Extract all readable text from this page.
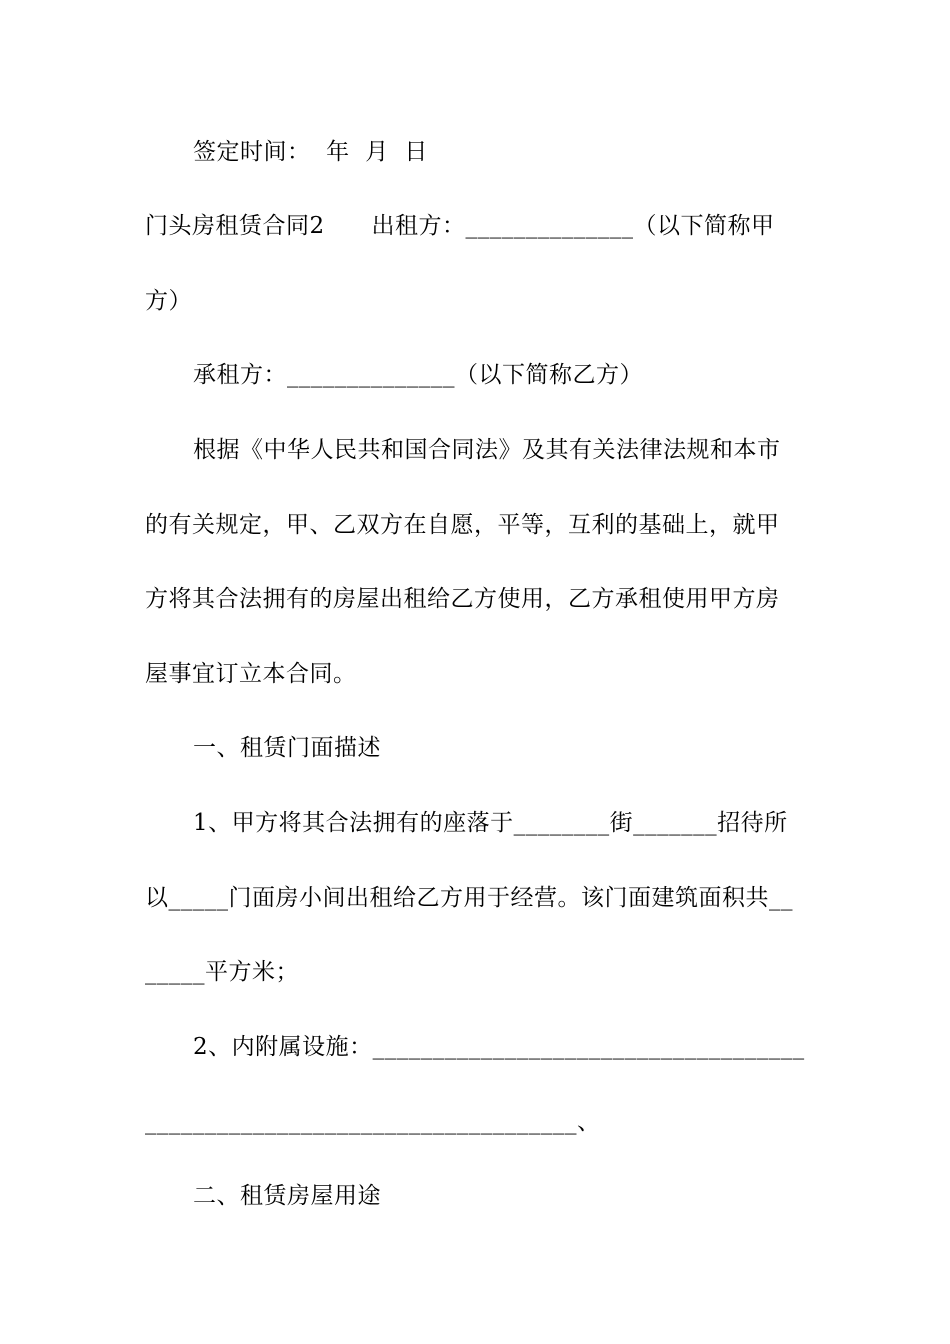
签定时间：  年  月  日
门头房租赁合同2      出租方：______________（以下简称甲
方）
承租方：______________（以下简称乙方）
根据《中华人民共和国合同法》及其有关法律法规和本市
的有关规定，甲、乙双方在自愿，平等，互利的基础上，就甲
方将其合法拥有的房屋出租给乙方使用，乙方承租使用甲方房
屋事宜订立本合同。
一、租赁门面描述
1、甲方将其合法拥有的座落于________街_______招待所
以_____门面房小间出租给乙方用于经营。该门面建筑面积共__
_____平方米；
2、内附属设施：____________________________________
____________________________________、
二、租赁房屋用途
